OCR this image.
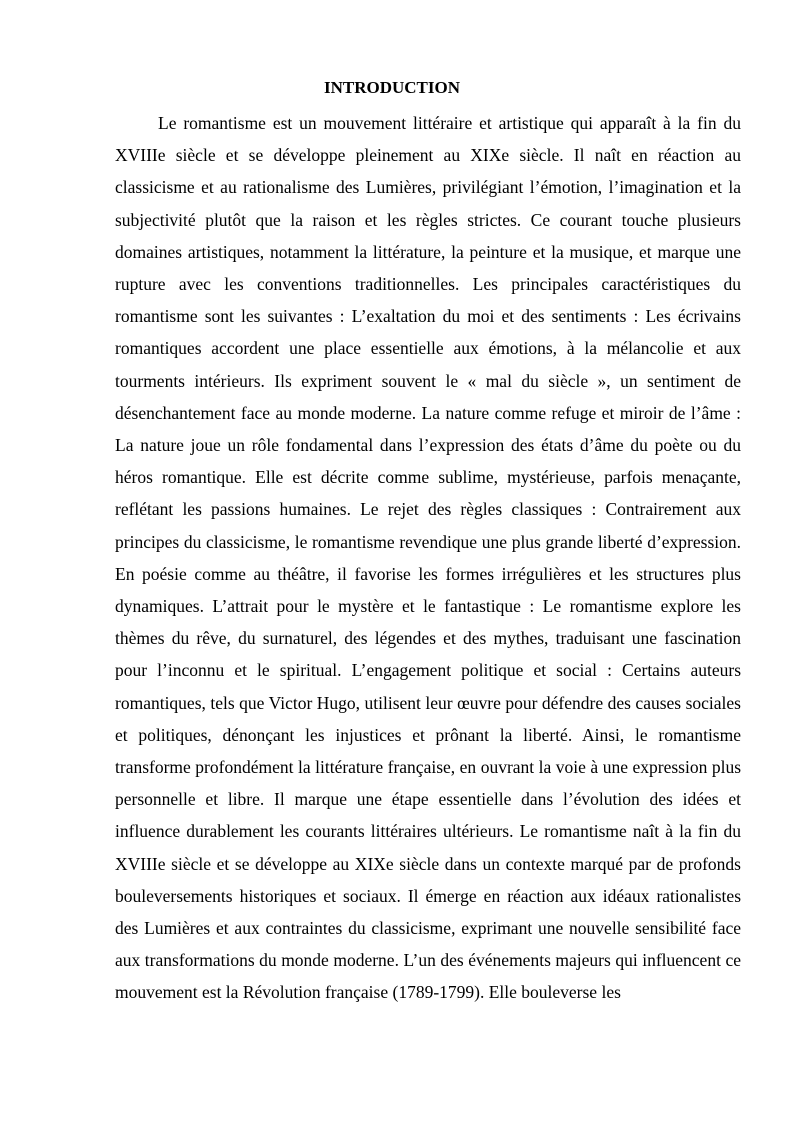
INTRODUCTION

Le romantisme est un mouvement littéraire et artistique qui apparaît à la fin du XVIIIe siècle et se développe pleinement au XIXe siècle. Il naît en réaction au classicisme et au rationalisme des Lumières, privilégiant l’émotion, l’imagination et la subjectivité plutôt que la raison et les règles strictes. Ce courant touche plusieurs domaines artistiques, notamment la littérature, la peinture et la musique, et marque une rupture avec les conventions traditionnelles. Les principales caractéristiques du romantisme sont les suivantes : L’exaltation du moi et des sentiments : Les écrivains romantiques accordent une place essentielle aux émotions, à la mélancolie et aux tourments intérieurs. Ils expriment souvent le « mal du siècle », un sentiment de désenchantement face au monde moderne. La nature comme refuge et miroir de l’âme : La nature joue un rôle fondamental dans l’expression des états d’âme du poète ou du héros romantique. Elle est décrite comme sublime, mystérieuse, parfois menaçante, reflétant les passions humaines. Le rejet des règles classiques : Contrairement aux principes du classicisme, le romantisme revendique une plus grande liberté d’expression. En poésie comme au théâtre, il favorise les formes irrégulières et les structures plus dynamiques. L’attrait pour le mystère et le fantastique : Le romantisme explore les thèmes du rêve, du surnaturel, des légendes et des mythes, traduisant une fascination pour l’inconnu et le spiritual. L’engagement politique et social : Certains auteurs romantiques, tels que Victor Hugo, utilisent leur œuvre pour défendre des causes sociales et politiques, dénonçant les injustices et prônant la liberté. Ainsi, le romantisme transforme profondément la littérature française, en ouvrant la voie à une expression plus personnelle et libre. Il marque une étape essentielle dans l’évolution des idées et influence durablement les courants littéraires ultérieurs. Le romantisme naît à la fin du XVIIIe siècle et se développe au XIXe siècle dans un contexte marqué par de profonds bouleversements historiques et sociaux. Il émerge en réaction aux idéaux rationalistes des Lumières et aux contraintes du classicisme, exprimant une nouvelle sensibilité face aux transformations du monde moderne. L’un des événements majeurs qui influencent ce mouvement est la Révolution française (1789-1799). Elle bouleverse les
